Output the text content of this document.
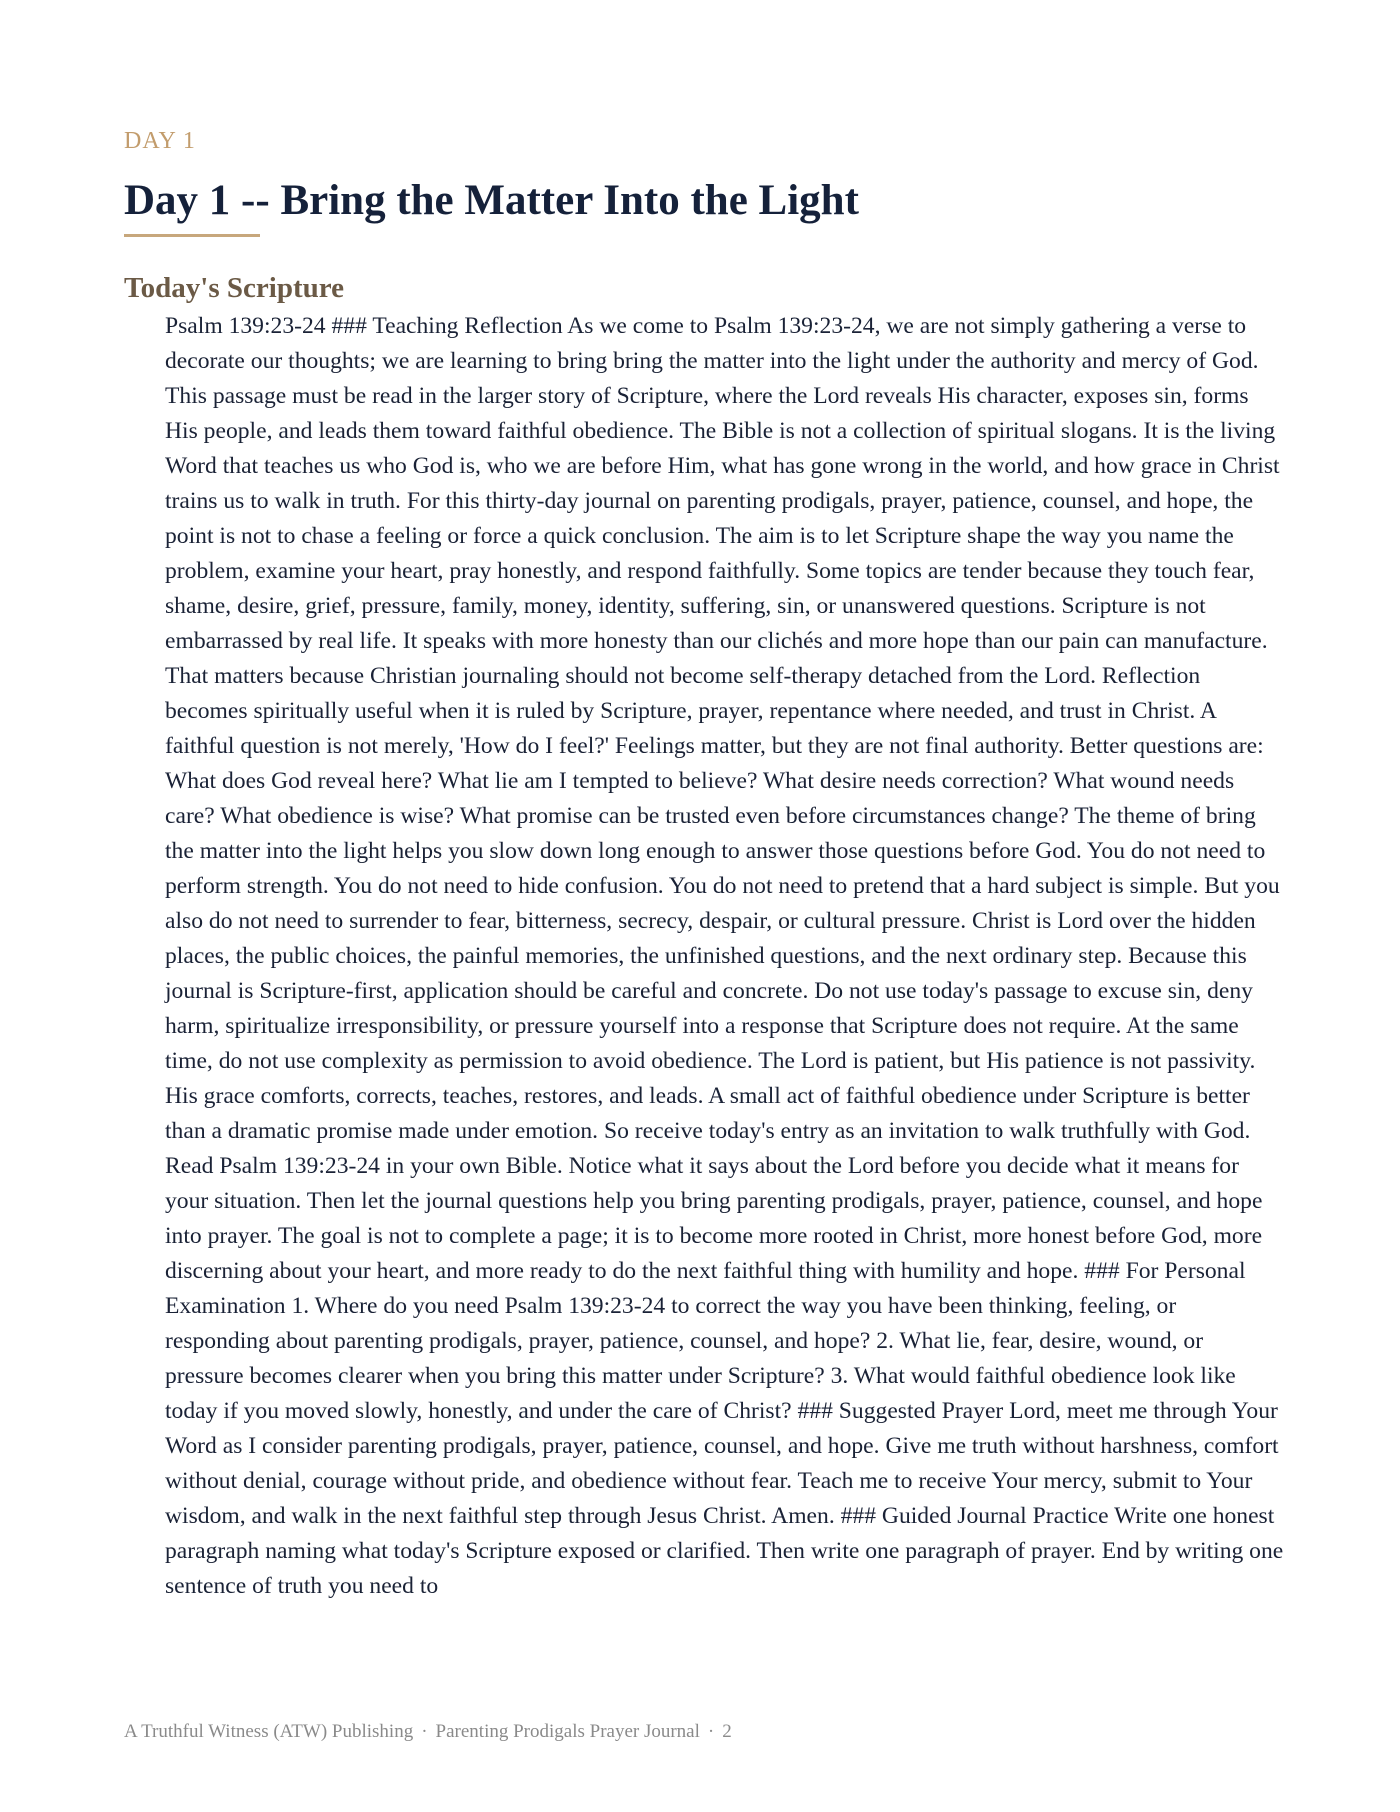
DAY 1
Day 1 -- Bring the Matter Into the Light
Today's Scripture

Psalm 139:23-24 ### Teaching Reflection As we come to Psalm 139:23-24, we are not simply gathering a verse to decorate our thoughts; we are learning to bring bring the matter into the light under the authority and mercy of God. This passage must be read in the larger story of Scripture, where the Lord reveals His character, exposes sin, forms His people, and leads them toward faithful obedience. The Bible is not a collection of spiritual slogans. It is the living Word that teaches us who God is, who we are before Him, what has gone wrong in the world, and how grace in Christ trains us to walk in truth. For this thirty-day journal on parenting prodigals, prayer, patience, counsel, and hope, the point is not to chase a feeling or force a quick conclusion. The aim is to let Scripture shape the way you name the problem, examine your heart, pray honestly, and respond faithfully. Some topics are tender because they touch fear, shame, desire, grief, pressure, family, money, identity, suffering, sin, or unanswered questions. Scripture is not embarrassed by real life. It speaks with more honesty than our clichés and more hope than our pain can manufacture. That matters because Christian journaling should not become self-therapy detached from the Lord. Reflection becomes spiritually useful when it is ruled by Scripture, prayer, repentance where needed, and trust in Christ. A faithful question is not merely, 'How do I feel?' Feelings matter, but they are not final authority. Better questions are: What does God reveal here? What lie am I tempted to believe? What desire needs correction? What wound needs care? What obedience is wise? What promise can be trusted even before circumstances change? The theme of bring the matter into the light helps you slow down long enough to answer those questions before God. You do not need to perform strength. You do not need to hide confusion. You do not need to pretend that a hard subject is simple. But you also do not need to surrender to fear, bitterness, secrecy, despair, or cultural pressure. Christ is Lord over the hidden places, the public choices, the painful memories, the unfinished questions, and the next ordinary step. Because this journal is Scripture-first, application should be careful and concrete. Do not use today's passage to excuse sin, deny harm, spiritualize irresponsibility, or pressure yourself into a response that Scripture does not require. At the same time, do not use complexity as permission to avoid obedience. The Lord is patient, but His patience is not passivity. His grace comforts, corrects, teaches, restores, and leads. A small act of faithful obedience under Scripture is better than a dramatic promise made under emotion. So receive today's entry as an invitation to walk truthfully with God. Read Psalm 139:23-24 in your own Bible. Notice what it says about the Lord before you decide what it means for your situation. Then let the journal questions help you bring parenting prodigals, prayer, patience, counsel, and hope into prayer. The goal is not to complete a page; it is to become more rooted in Christ, more honest before God, more discerning about your heart, and more ready to do the next faithful thing with humility and hope. ### For Personal Examination 1. Where do you need Psalm 139:23-24 to correct the way you have been thinking, feeling, or responding about parenting prodigals, prayer, patience, counsel, and hope? 2. What lie, fear, desire, wound, or pressure becomes clearer when you bring this matter under Scripture? 3. What would faithful obedience look like today if you moved slowly, honestly, and under the care of Christ? ### Suggested Prayer Lord, meet me through Your Word as I consider parenting prodigals, prayer, patience, counsel, and hope. Give me truth without harshness, comfort without denial, courage without pride, and obedience without fear. Teach me to receive Your mercy, submit to Your wisdom, and walk in the next faithful step through Jesus Christ. Amen. ### Guided Journal Practice Write one honest paragraph naming what today's Scripture exposed or clarified. Then write one paragraph of prayer. End by writing one sentence of truth you need to

A Truthful Witness (ATW) Publishing · Parenting Prodigals Prayer Journal · 2
